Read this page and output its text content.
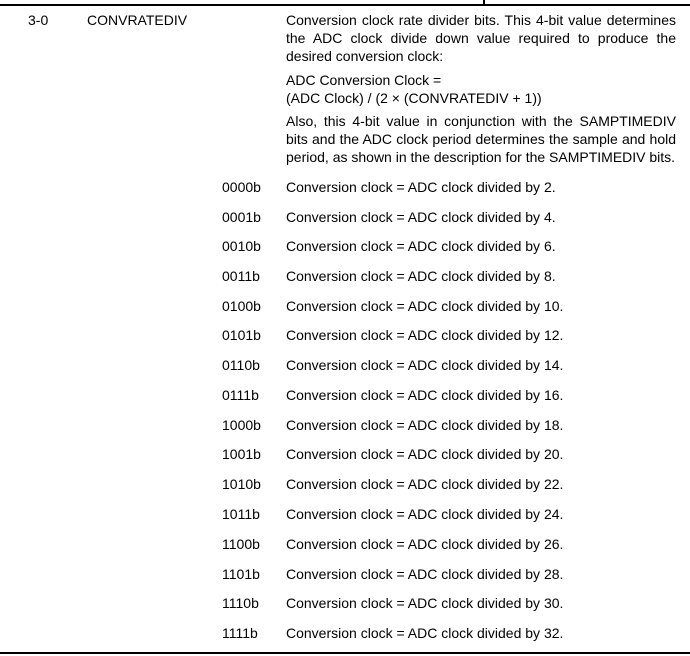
3-0	CONVRATEDIV	Conversion clock rate divider bits. This 4-bit value determines the ADC clock divide down value required to produce the desired conversion clock:
ADC Conversion Clock =
(ADC Clock) / (2 × (CONVRATEDIV + 1))
Also, this 4-bit value in conjunction with the SAMPTIMEDIV bits and the ADC clock period determines the sample and hold period, as shown in the description for the SAMPTIMEDIV bits.
0000b Conversion clock = ADC clock divided by 2.
0001b Conversion clock = ADC clock divided by 4.
0010b Conversion clock = ADC clock divided by 6.
0011b Conversion clock = ADC clock divided by 8.
0100b Conversion clock = ADC clock divided by 10.
0101b Conversion clock = ADC clock divided by 12.
0110b Conversion clock = ADC clock divided by 14.
0111b Conversion clock = ADC clock divided by 16.
1000b Conversion clock = ADC clock divided by 18.
1001b Conversion clock = ADC clock divided by 20.
1010b Conversion clock = ADC clock divided by 22.
1011b Conversion clock = ADC clock divided by 24.
1100b Conversion clock = ADC clock divided by 26.
1101b Conversion clock = ADC clock divided by 28.
1110b Conversion clock = ADC clock divided by 30.
1111b Conversion clock = ADC clock divided by 32.
